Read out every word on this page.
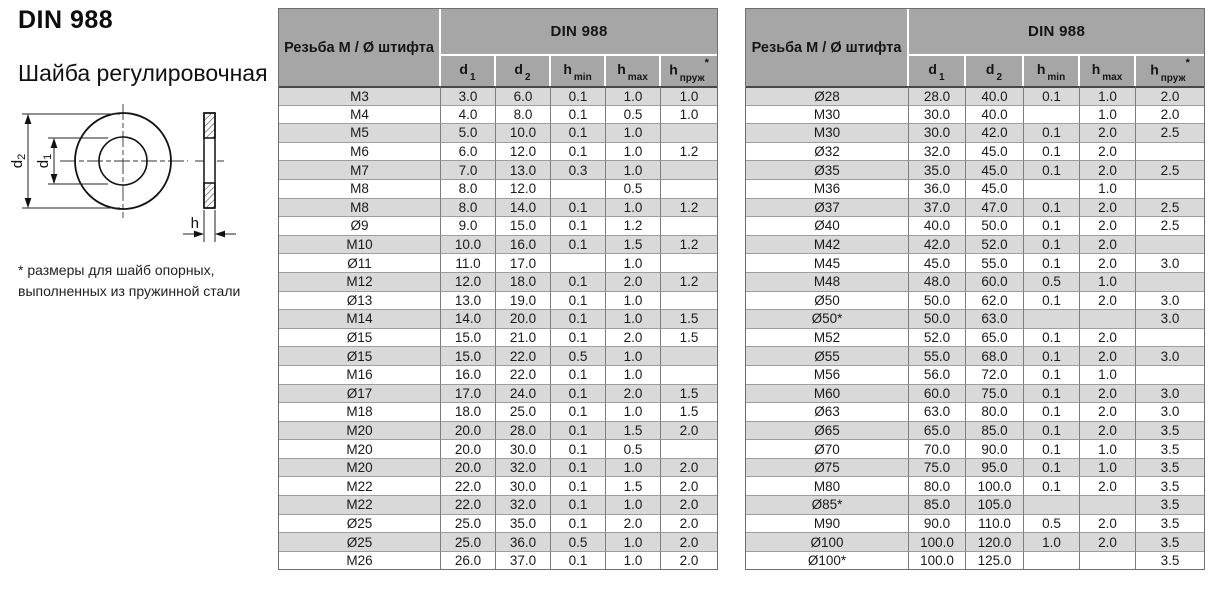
DIN 988
Шайба регулировочная
$d_2$
$d_1$
h
* размеры для шайб опорных,
выполненных из пружинной стали
Резьба М / Ø штифта	DIN 988				
	d $_1$	d $_2$	h $_{min}$	h $_{max}$	h $_{пруж}$*
M3	3.0	6.0	0.1	1.0	1.0
M4	4.0	8.0	0.1	0.5	1.0
M5	5.0	10.0	0.1	1.0	
M6	6.0	12.0	0.1	1.0	1.2
M7	7.0	13.0	0.3	1.0	
M8	8.0	12.0		0.5	
M8	8.0	14.0	0.1	1.0	1.2
Ø9	9.0	15.0	0.1	1.2	
M10	10.0	16.0	0.1	1.5	1.2
Ø11	11.0	17.0		1.0	
M12	12.0	18.0	0.1	2.0	1.2
Ø13	13.0	19.0	0.1	1.0	
M14	14.0	20.0	0.1	1.0	1.5
Ø15	15.0	21.0	0.1	2.0	1.5
Ø15	15.0	22.0	0.5	1.0	
M16	16.0	22.0	0.1	1.0	
Ø17	17.0	24.0	0.1	2.0	1.5
M18	18.0	25.0	0.1	1.0	1.5
M20	20.0	28.0	0.1	1.5	2.0
M20	20.0	30.0	0.1	0.5	
M20	20.0	32.0	0.1	1.0	2.0
M22	22.0	30.0	0.1	1.5	2.0
M22	22.0	32.0	0.1	1.0	2.0
Ø25	25.0	35.0	0.1	2.0	2.0
Ø25	25.0	36.0	0.5	1.0	2.0
M26	26.0	37.0	0.1	1.0	2.0
Резьба М / Ø штифта	DIN 988				
	d $_1$	d $_2$	h $_{min}$	h $_{max}$	h $_{пруж}$*
Ø28	28.0	40.0	0.1	1.0	2.0
M30	30.0	40.0		1.0	2.0
M30	30.0	42.0	0.1	2.0	2.5
Ø32	32.0	45.0	0.1	2.0	
Ø35	35.0	45.0	0.1	2.0	2.5
M36	36.0	45.0		1.0	
Ø37	37.0	47.0	0.1	2.0	2.5
Ø40	40.0	50.0	0.1	2.0	2.5
M42	42.0	52.0	0.1	2.0	
M45	45.0	55.0	0.1	2.0	3.0
M48	48.0	60.0	0.5	1.0	
Ø50	50.0	62.0	0.1	2.0	3.0
Ø50*	50.0	63.0			3.0
M52	52.0	65.0	0.1	2.0	
Ø55	55.0	68.0	0.1	2.0	3.0
M56	56.0	72.0	0.1	1.0	
M60	60.0	75.0	0.1	2.0	3.0
Ø63	63.0	80.0	0.1	2.0	3.0
Ø65	65.0	85.0	0.1	2.0	3.5
Ø70	70.0	90.0	0.1	1.0	3.5
Ø75	75.0	95.0	0.1	1.0	3.5
M80	80.0	100.0	0.1	2.0	3.5
Ø85*	85.0	105.0			3.5
M90	90.0	110.0	0.5	2.0	3.5
Ø100	100.0	120.0	1.0	2.0	3.5
Ø100*	100.0	125.0			3.5
